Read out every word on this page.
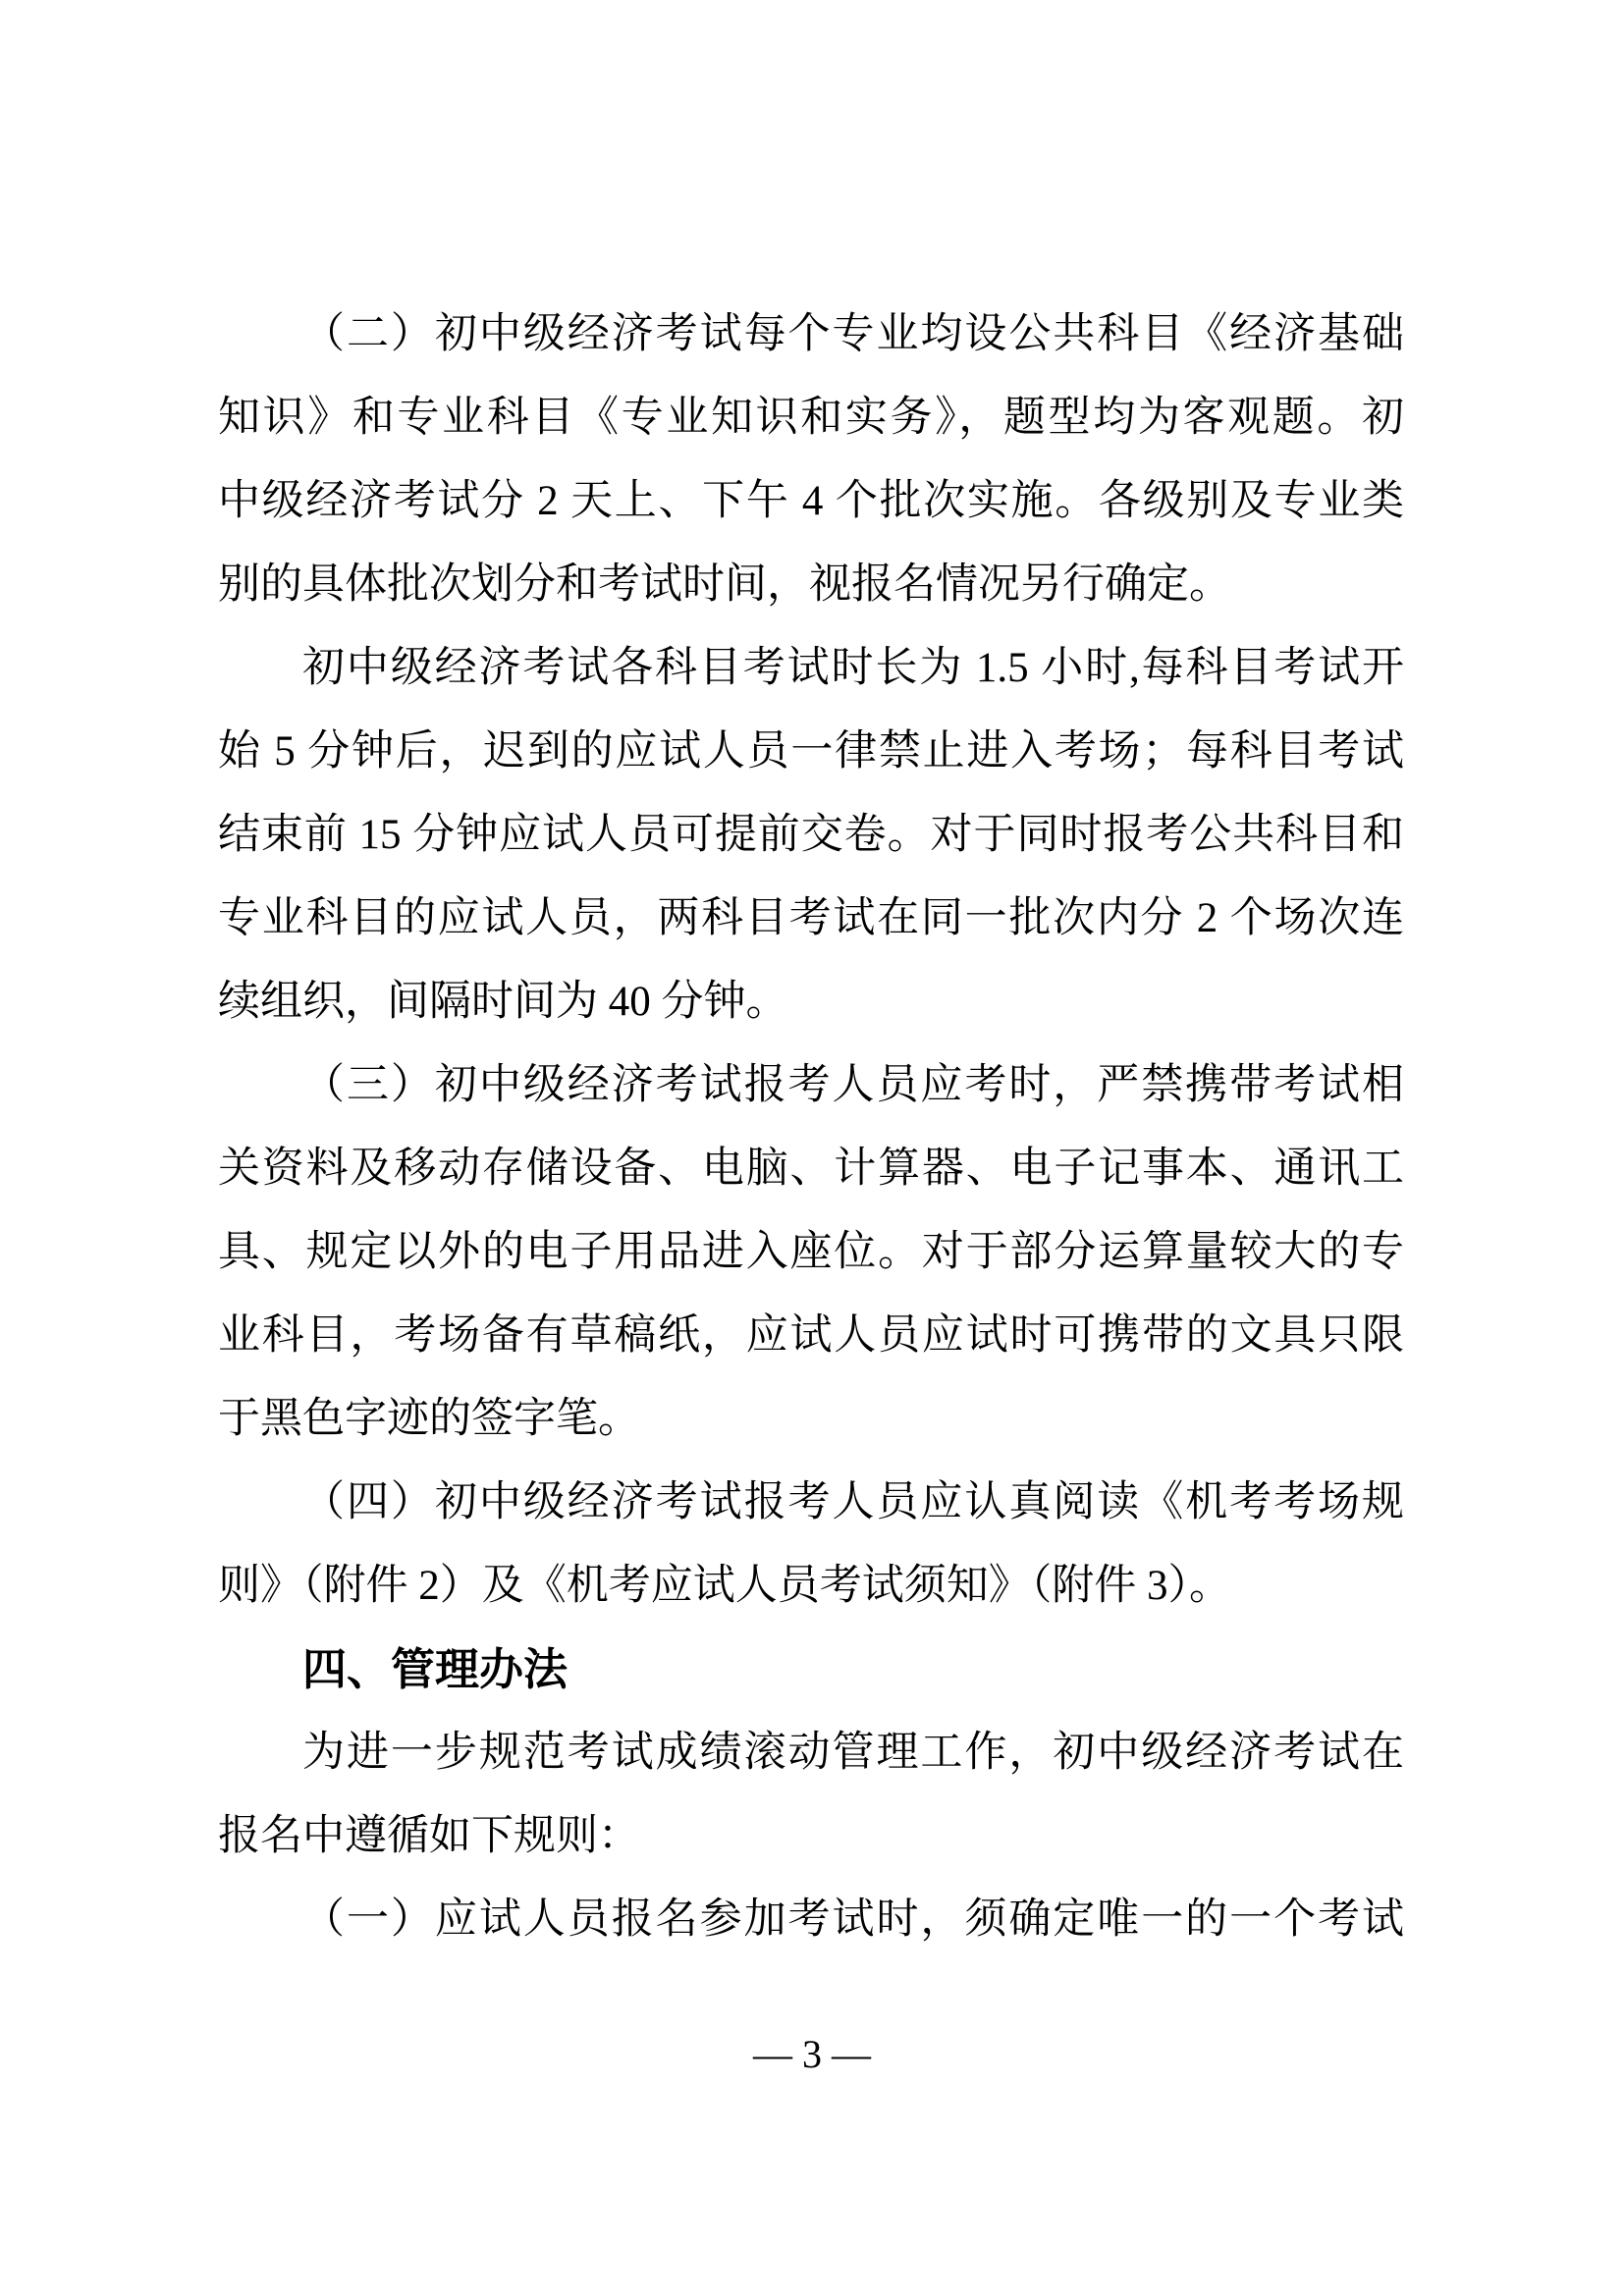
（二）初中级经济考试每个专业均设公共科目《经济基础
知识》和专业科目《专业知识和实务》，题型均为客观题。初
中级经济考试分 2 天上、下午 4 个批次实施。各级别及专业类
别的具体批次划分和考试时间，视报名情况另行确定。
初中级经济考试各科目考试时长为 1.5 小时,每科目考试开
始 5 分钟后，迟到的应试人员一律禁止进入考场；每科目考试
结束前 15 分钟应试人员可提前交卷。对于同时报考公共科目和
专业科目的应试人员，两科目考试在同一批次内分 2 个场次连
续组织，间隔时间为 40 分钟。
（三）初中级经济考试报考人员应考时，严禁携带考试相
关资料及移动存储设备、电脑、计算器、电子记事本、通讯工
具、规定以外的电子用品进入座位。对于部分运算量较大的专
业科目，考场备有草稿纸，应试人员应试时可携带的文具只限
于黑色字迹的签字笔。
（四）初中级经济考试报考人员应认真阅读《机考考场规
则》（附件 2）及《机考应试人员考试须知》（附件 3）。
四、管理办法
为进一步规范考试成绩滚动管理工作，初中级经济考试在
报名中遵循如下规则：
（一）应试人员报名参加考试时，须确定唯一的一个考试
— 3 —
